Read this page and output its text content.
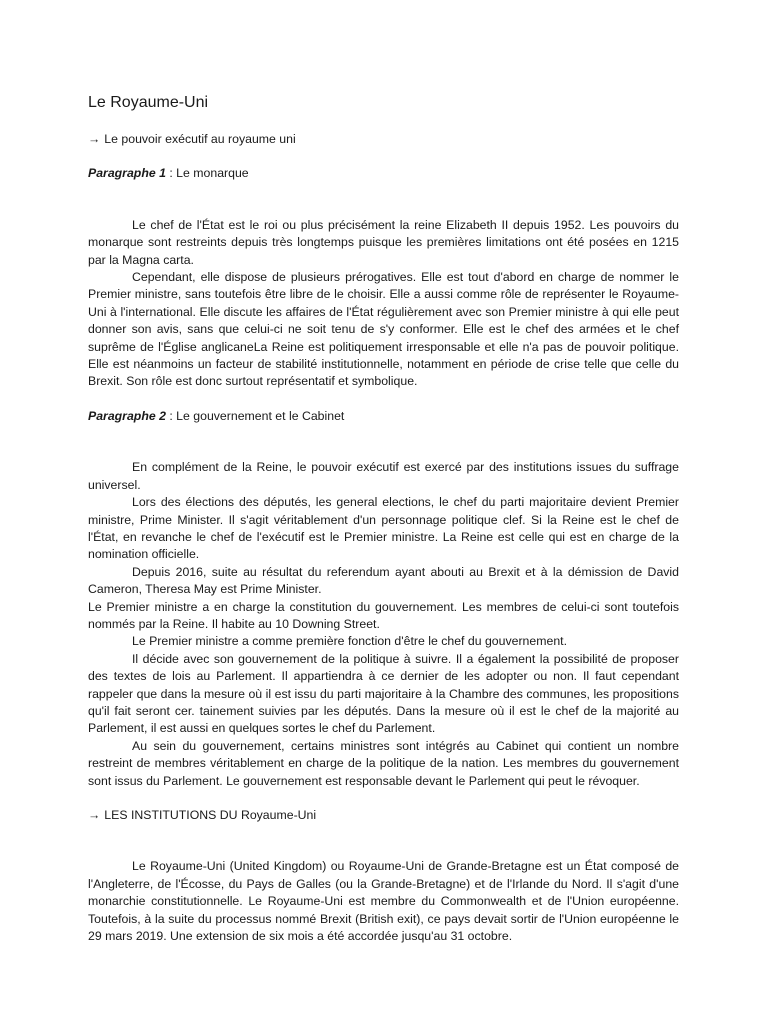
Le Royaume-Uni
→ Le pouvoir exécutif au royaume uni
Paragraphe 1 : Le monarque

Le chef de l'État est le roi ou plus précisément la reine Elizabeth II depuis 1952. Les pouvoirs du monarque sont restreints depuis très longtemps puisque les premières limitations ont été posées en 1215 par la Magna carta.

Cependant, elle dispose de plusieurs prérogatives. Elle est tout d'abord en charge de nommer le Premier ministre, sans toutefois être libre de le choisir. Elle a aussi comme rôle de représenter le Royaume-Uni à l'international. Elle discute les affaires de l'État régulièrement avec son Premier ministre à qui elle peut donner son avis, sans que celui-ci ne soit tenu de s'y conformer. Elle est le chef des armées et le chef suprême de l'Église anglicaneLa Reine est politiquement irresponsable et elle n'a pas de pouvoir politique. Elle est néanmoins un facteur de stabilité institutionnelle, notamment en période de crise telle que celle du Brexit. Son rôle est donc surtout représentatif et symbolique.

Paragraphe 2 : Le gouvernement et le Cabinet

En complément de la Reine, le pouvoir exécutif est exercé par des institutions issues du suffrage universel.

Lors des élections des députés, les general elections, le chef du parti majoritaire devient Premier ministre, Prime Minister. Il s'agit véritablement d'un personnage politique clef. Si la Reine est le chef de l'État, en revanche le chef de l'exécutif est le Premier ministre. La Reine est celle qui est en charge de la nomination officielle.

Depuis 2016, suite au résultat du referendum ayant abouti au Brexit et à la démission de David Cameron, Theresa May est Prime Minister.

Le Premier ministre a en charge la constitution du gouvernement. Les membres de celui-ci sont toutefois nommés par la Reine. Il habite au 10 Downing Street.

Le Premier ministre a comme première fonction d'être le chef du gouvernement.

Il décide avec son gouvernement de la politique à suivre. Il a également la possibilité de proposer des textes de lois au Parlement. Il appartiendra à ce dernier de les adopter ou non. Il faut cependant rappeler que dans la mesure où il est issu du parti majoritaire à la Chambre des communes, les propositions qu'il fait seront cer. tainement suivies par les députés. Dans la mesure où il est le chef de la majorité au Parlement, il est aussi en quelques sortes le chef du Parlement.

Au sein du gouvernement, certains ministres sont intégrés au Cabinet qui contient un nombre restreint de membres véritablement en charge de la politique de la nation. Les membres du gouvernement sont issus du Parlement. Le gouvernement est responsable devant le Parlement qui peut le révoquer.

→ LES INSTITUTIONS DU Royaume-Uni

Le Royaume-Uni (United Kingdom) ou Royaume-Uni de Grande-Bretagne est un État composé de l'Angleterre, de l'Écosse, du Pays de Galles (ou la Grande-Bretagne) et de l'Irlande du Nord. Il s'agit d'une monarchie constitutionnelle. Le Royaume-Uni est membre du Commonwealth et de l'Union européenne. Toutefois, à la suite du processus nommé Brexit (British exit), ce pays devait sortir de l'Union européenne le 29 mars 2019. Une extension de six mois a été accordée jusqu'au 31 octobre.
